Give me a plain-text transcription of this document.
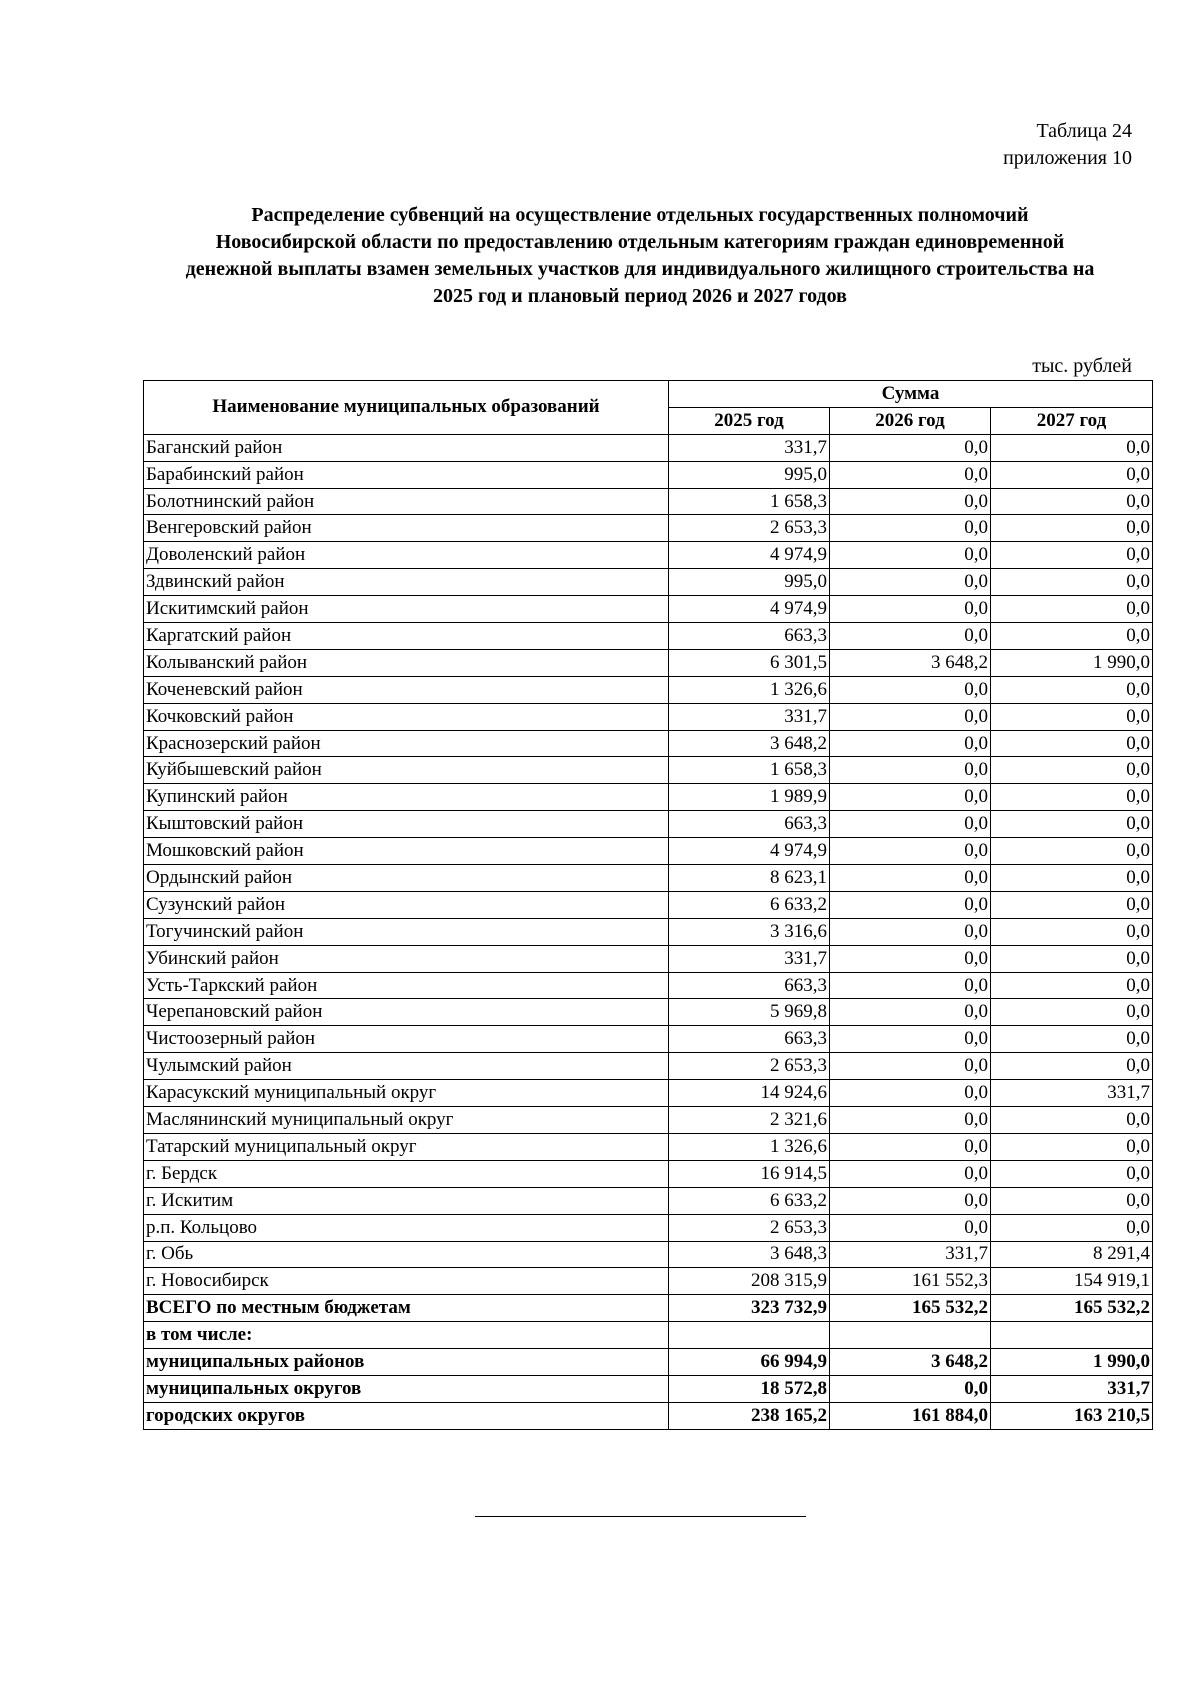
Таблица 24
приложения 10
Распределение субвенций на осуществление отдельных государственных полномочий
Новосибирской области по предоставлению отдельным категориям граждан единовременной
денежной выплаты взамен земельных участков для индивидуального жилищного строительства на
2025 год и плановый период 2026 и 2027 годов
тыс. рублей
Наименование муниципальных образований	Сумма		
	2025 год	2026 год	2027 год
Баганский район	331,7	0,0	0,0
Барабинский район	995,0	0,0	0,0
Болотнинский район	1 658,3	0,0	0,0
Венгеровский район	2 653,3	0,0	0,0
Доволенский район	4 974,9	0,0	0,0
Здвинский район	995,0	0,0	0,0
Искитимский район	4 974,9	0,0	0,0
Каргатский район	663,3	0,0	0,0
Колыванский район	6 301,5	3 648,2	1 990,0
Коченевский район	1 326,6	0,0	0,0
Кочковский район	331,7	0,0	0,0
Краснозерский район	3 648,2	0,0	0,0
Куйбышевский район	1 658,3	0,0	0,0
Купинский район	1 989,9	0,0	0,0
Кыштовский район	663,3	0,0	0,0
Мошковский район	4 974,9	0,0	0,0
Ордынский район	8 623,1	0,0	0,0
Сузунский район	6 633,2	0,0	0,0
Тогучинский район	3 316,6	0,0	0,0
Убинский район	331,7	0,0	0,0
Усть-Таркский район	663,3	0,0	0,0
Черепановский район	5 969,8	0,0	0,0
Чистоозерный район	663,3	0,0	0,0
Чулымский район	2 653,3	0,0	0,0
Карасукский муниципальный округ	14 924,6	0,0	331,7
Маслянинский муниципальный округ	2 321,6	0,0	0,0
Татарский муниципальный округ	1 326,6	0,0	0,0
г. Бердск	16 914,5	0,0	0,0
г. Искитим	6 633,2	0,0	0,0
р.п. Кольцово	2 653,3	0,0	0,0
г. Обь	3 648,3	331,7	8 291,4
г. Новосибирск	208 315,9	161 552,3	154 919,1
ВСЕГО по местным бюджетам	323 732,9	165 532,2	165 532,2
в том числе:			
муниципальных районов	66 994,9	3 648,2	1 990,0
муниципальных округов	18 572,8	0,0	331,7
городских округов	238 165,2	161 884,0	163 210,5
